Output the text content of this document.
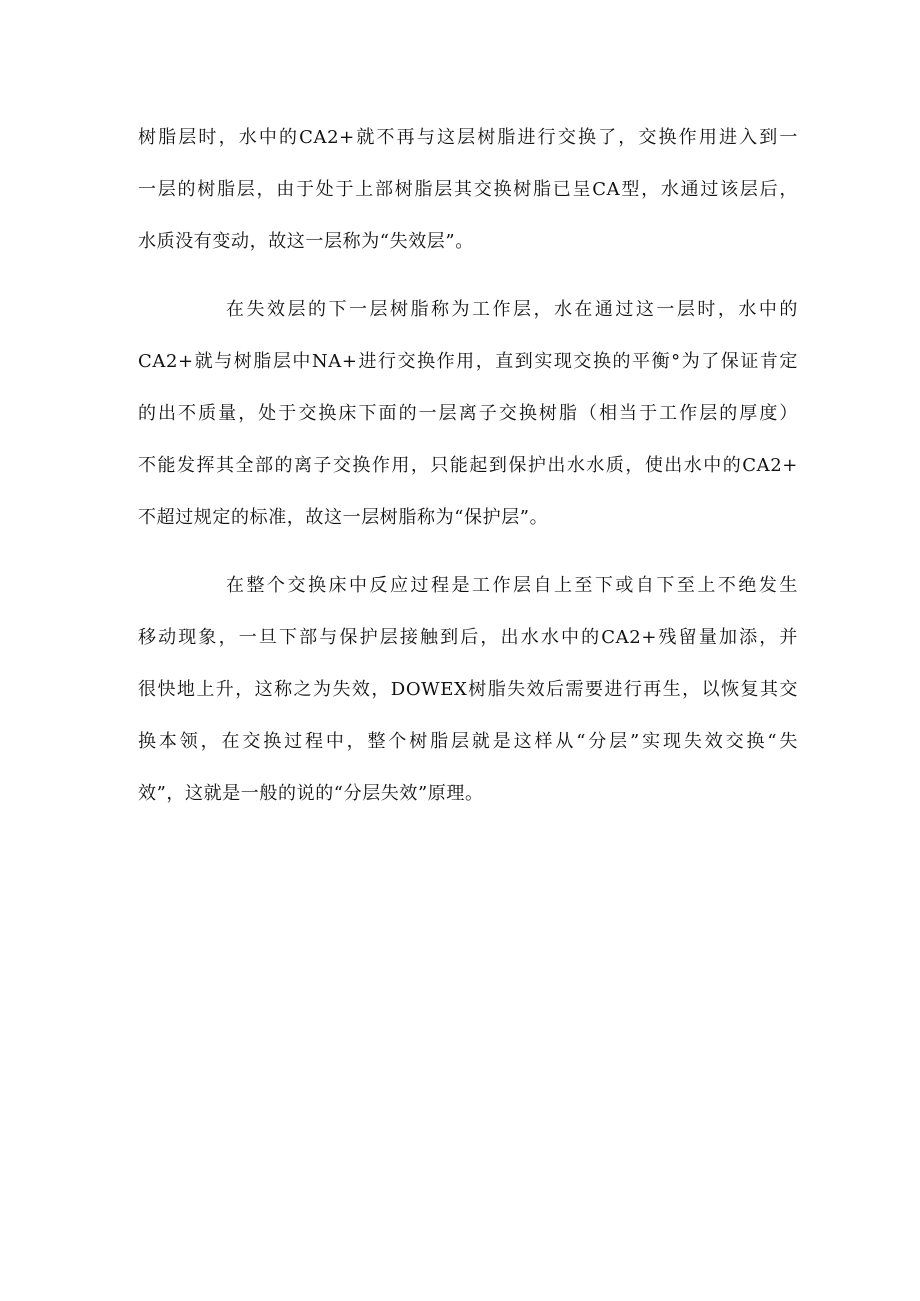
树脂层时，水中的CA2+就不再与这层树脂进行交换了，交换作用进入到一
一层的树脂层，由于处于上部树脂层其交换树脂已呈CA型，水通过该层后，
水质没有变动，故这一层称为“失效层”。
在失效层的下一层树脂称为工作层，水在通过这一层时，水中的
CA2+就与树脂层中NA+进行交换作用，直到实现交换的平衡°为了保证肯定
的出不质量，处于交换床下面的一层离子交换树脂（相当于工作层的厚度）
不能发挥其全部的离子交换作用，只能起到保护出水水质，使出水中的CA2+
不超过规定的标准，故这一层树脂称为“保护层”。
在整个交换床中反应过程是工作层自上至下或自下至上不绝发生
移动现象，一旦下部与保护层接触到后，出水水中的CA2+残留量加添，并
很快地上升，这称之为失效，DOWEX树脂失效后需要进行再生，以恢复其交
换本领，在交换过程中，整个树脂层就是这样从“分层”实现失效交换“失
效”，这就是一般的说的“分层失效”原理。
